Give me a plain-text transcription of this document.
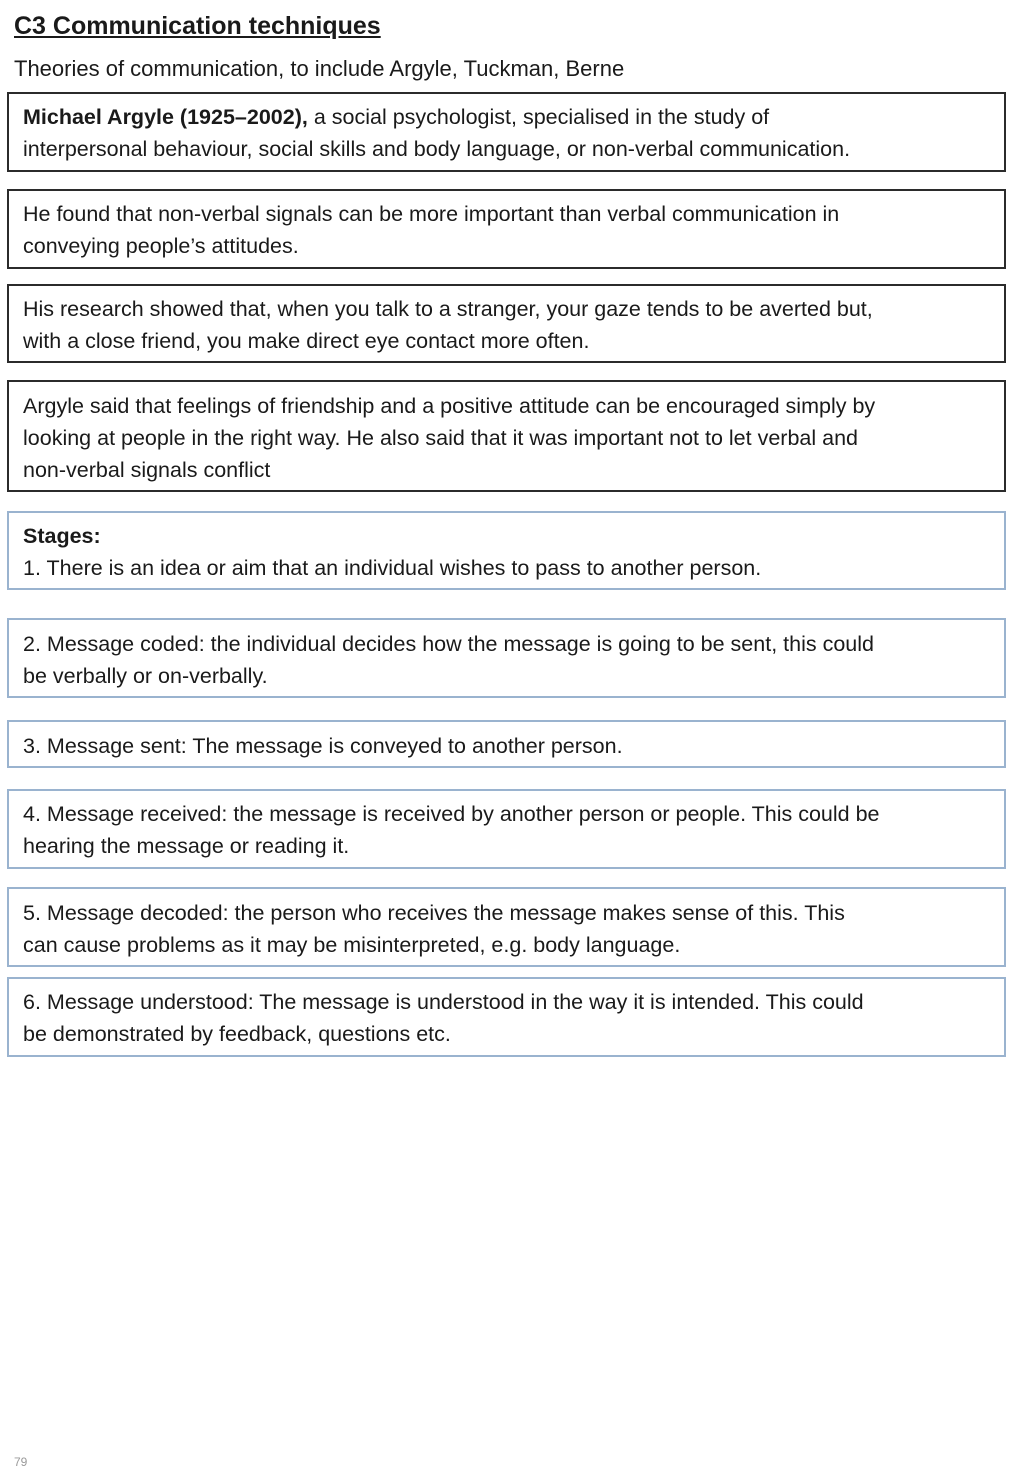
C3 Communication techniques
Theories of communication, to include Argyle, Tuckman, Berne

Michael Argyle (1925–2002), a social psychologist, specialised in the study of

interpersonal behaviour, social skills and body language, or non-verbal communication.

He found that non-verbal signals can be more important than verbal communication in

conveying people’s attitudes.

His research showed that, when you talk to a stranger, your gaze tends to be averted but,

with a close friend, you make direct eye contact more often.

Argyle said that feelings of friendship and a positive attitude can be encouraged simply by

looking at people in the right way. He also said that it was important not to let verbal and

non-verbal signals conflict

Stages:

1. There is an idea or aim that an individual wishes to pass to another person.

2. Message coded: the individual decides how the message is going to be sent, this could

be verbally or on-verbally.

3. Message sent: The message is conveyed to another person.

4. Message received: the message is received by another person or people. This could be

hearing the message or reading it.

5. Message decoded: the person who receives the message makes sense of this. This

can cause problems as it may be misinterpreted, e.g. body language.

6. Message understood: The message is understood in the way it is intended. This could

be demonstrated by feedback, questions etc.

79
